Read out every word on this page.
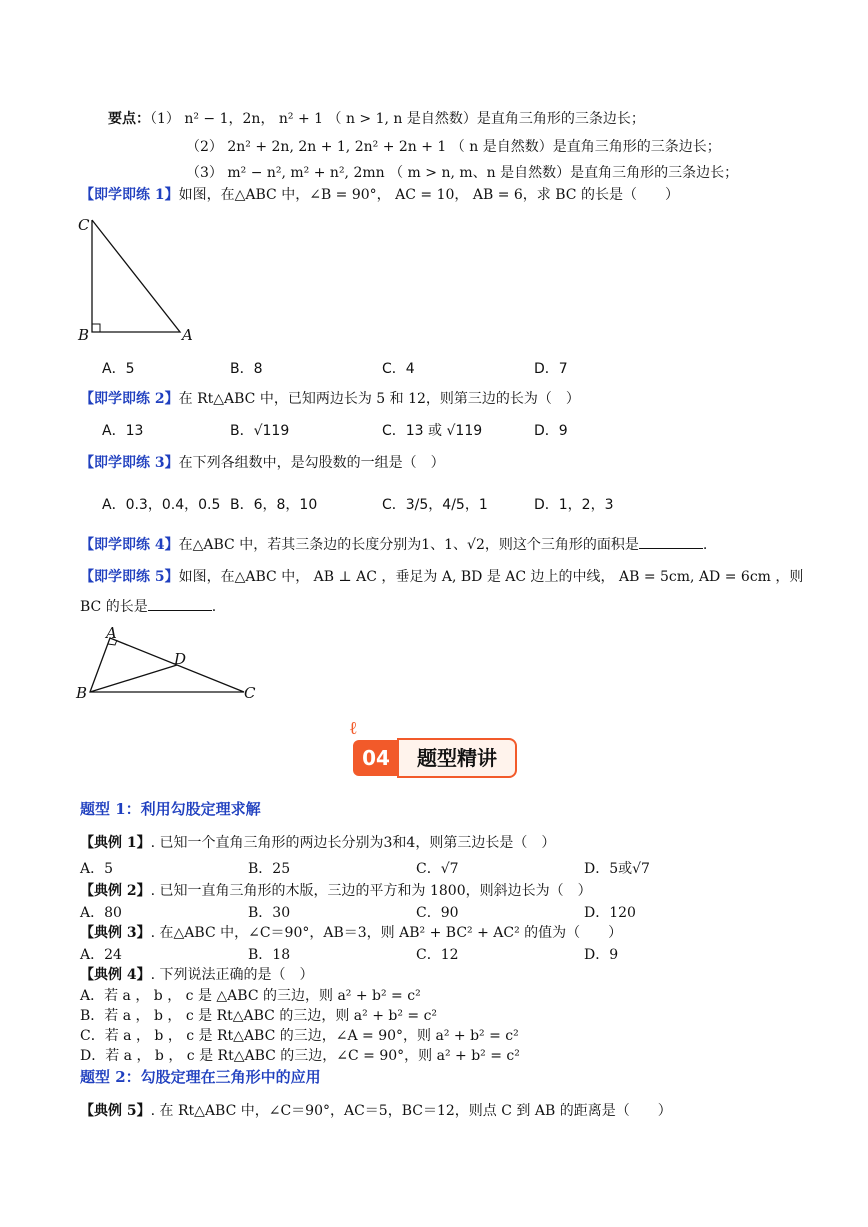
要点：（1） n² − 1，2n， n² + 1 （ n > 1, n 是自然数）是直角三角形的三条边长；
（2） 2n² + 2n, 2n + 1, 2n² + 2n + 1 （ n 是自然数）是直角三角形的三条边长；
（3） m² − n², m² + n², 2mn （ m > n, m、n 是自然数）是直角三角形的三条边长；
【即学即练 1】如图，在△ABC 中，∠B = 90°， AC = 10， AB = 6，求 BC 的长是（　　）
C
B	A
A．5	B．8	C．4	D．7
【即学即练 2】在 Rt△ABC 中，已知两边长为 5 和 12，则第三边的长为（　）
A．13	B．√119	C．13 或 √119	D．9
【即学即练 3】在下列各组数中，是勾股数的一组是（　）
A．0.3，0.4，0.5 B．6，8，10	C．3/5，4/5，1	D．1，2，3
【即学即练 4】在△ABC 中，若其三条边的长度分别为1、1、√2，则这个三角形的面积是	.
【即学即练 5】如图，在△ABC 中， AB ⊥ AC ，垂足为 A, BD 是 AC 边上的中线， AB = 5cm, AD = 6cm ，则
BC 的长是	.
A
D
B	C
ℓ
04	题型精讲
题型 1：利用勾股定理求解
【典例 1】. 已知一个直角三角形的两边长分别为3和4，则第三边长是（　）
A．5	B．25	C．√7	D．5或√7
【典例 2】. 已知一直角三角形的木版，三边的平方和为 1800，则斜边长为（　）
A．80	B．30	C．90	D．120
【典例 3】. 在△ABC 中，∠C＝90°，AB＝3，则 AB² + BC² + AC² 的值为（　　）
A．24	B．18	C．12	D．9
【典例 4】. 下列说法正确的是（　）
A．若 a ， b ， c 是 △ABC 的三边，则 a² + b² = c²
B．若 a ， b ， c 是 Rt△ABC 的三边，则 a² + b² = c²
C．若 a ， b ， c 是 Rt△ABC 的三边，∠A = 90°，则 a² + b² = c²
D．若 a ， b ， c 是 Rt△ABC 的三边，∠C = 90°，则 a² + b² = c²
题型 2：勾股定理在三角形中的应用
【典例 5】. 在 Rt△ABC 中，∠C＝90°，AC＝5，BC＝12，则点 C 到 AB 的距离是（　　）
